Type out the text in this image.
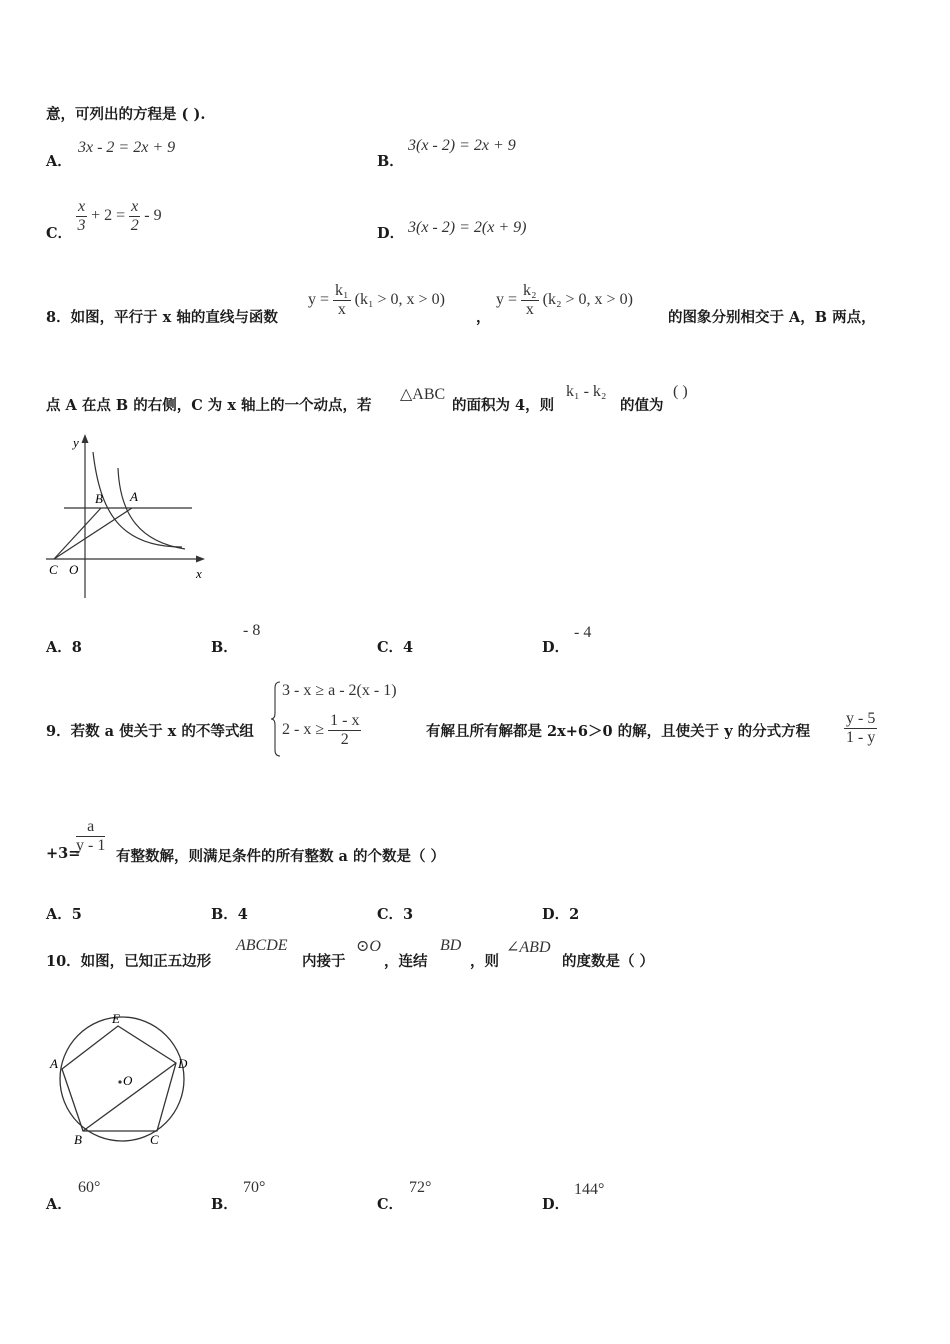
意，可列出的方程是 ( ).
A．
3x - 2 = 2x + 9
B．
3(x - 2) = 2x + 9
C． $\frac{x}{3} + 2 = \frac{x}{2} - 9$
D． 3(x - 2) = 2(x + 9)
8．如图，平行于 x 轴的直线与函数
$y = \frac{\text{k₁}}{x} (k_1 > 0$, x > 0)
，
$y = \frac{\text{k₂}}{x} (k_2 > 0$, x > 0)
的图象分别相交于 A，B 两点，
点 A 在点 B 的右侧，C 为 x 轴上的一个动点，若
△ABC
的面积为 4，则
k₁ - k₂
的值为
( )
y
x
B A
C O
A．8	B．
- 8
C．4	D．
- 4
9．若数 a 使关于 x 的不等式组
3 - x ≥ a - 2(x - 1)
$2 - x \ge \frac{1 - x}{2}$	有解且所有解都是 2x+6＞0 的解，且使关于 y 的分式方程 $\frac{y - 5}{1 - y}$
+3=
$\frac{a}{y - 1}$
有整数解，则满足条件的所有整数 a 的个数是（ ）
A．5	B．4	C．3	D．2
10．如图，已知正五边形
ABCDE
内接于
⊙O
，连结
BD
，则
∠ABD
的度数是（ ）
E
A	D
O
B	C
A．
60°
B．
70°
C．
72°
D．
144°
